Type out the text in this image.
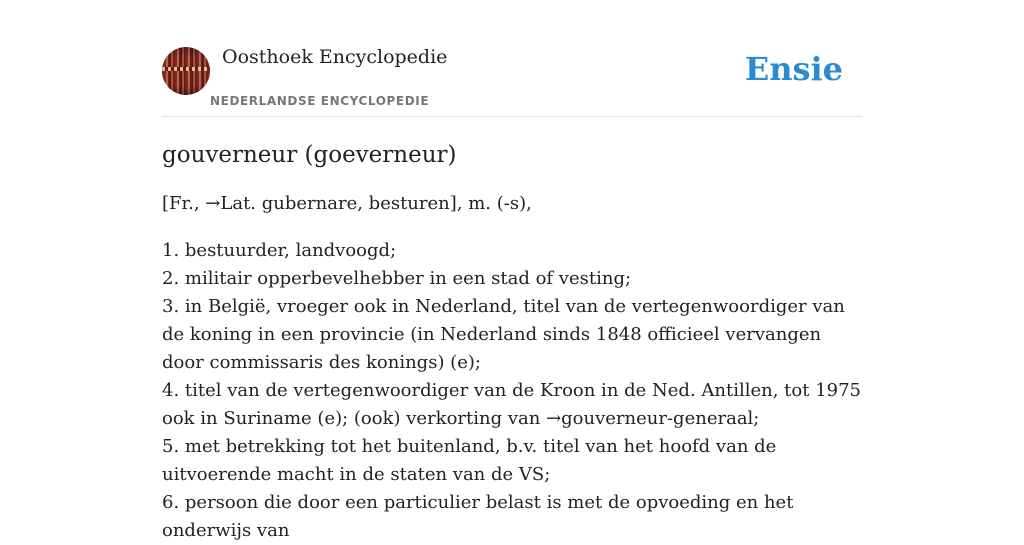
Oosthoek Encyclopedie
NEDERLANDSE ENCYCLOPEDIE
Ensie
gouverneur (goeverneur)

[Fr., →Lat. gubernare, besturen], m. (-s),

1. bestuurder, landvoogd;
2. militair opperbevelhebber in een stad of vesting;
3. in België, vroeger ook in Nederland, titel van de vertegenwoordiger van de koning in een provincie (in Nederland sinds 1848 officieel vervangen door commissaris des konings) (e);
4. titel van de vertegenwoordiger van de Kroon in de Ned. Antillen, tot 1975 ook in Suriname (e); (ook) verkorting van →gouverneur-generaal;
5. met betrekking tot het buitenland, b.v. titel van het hoofd van de uitvoerende macht in de staten van de VS;
6. persoon die door een particulier belast is met de opvoeding en het onderwijs van
